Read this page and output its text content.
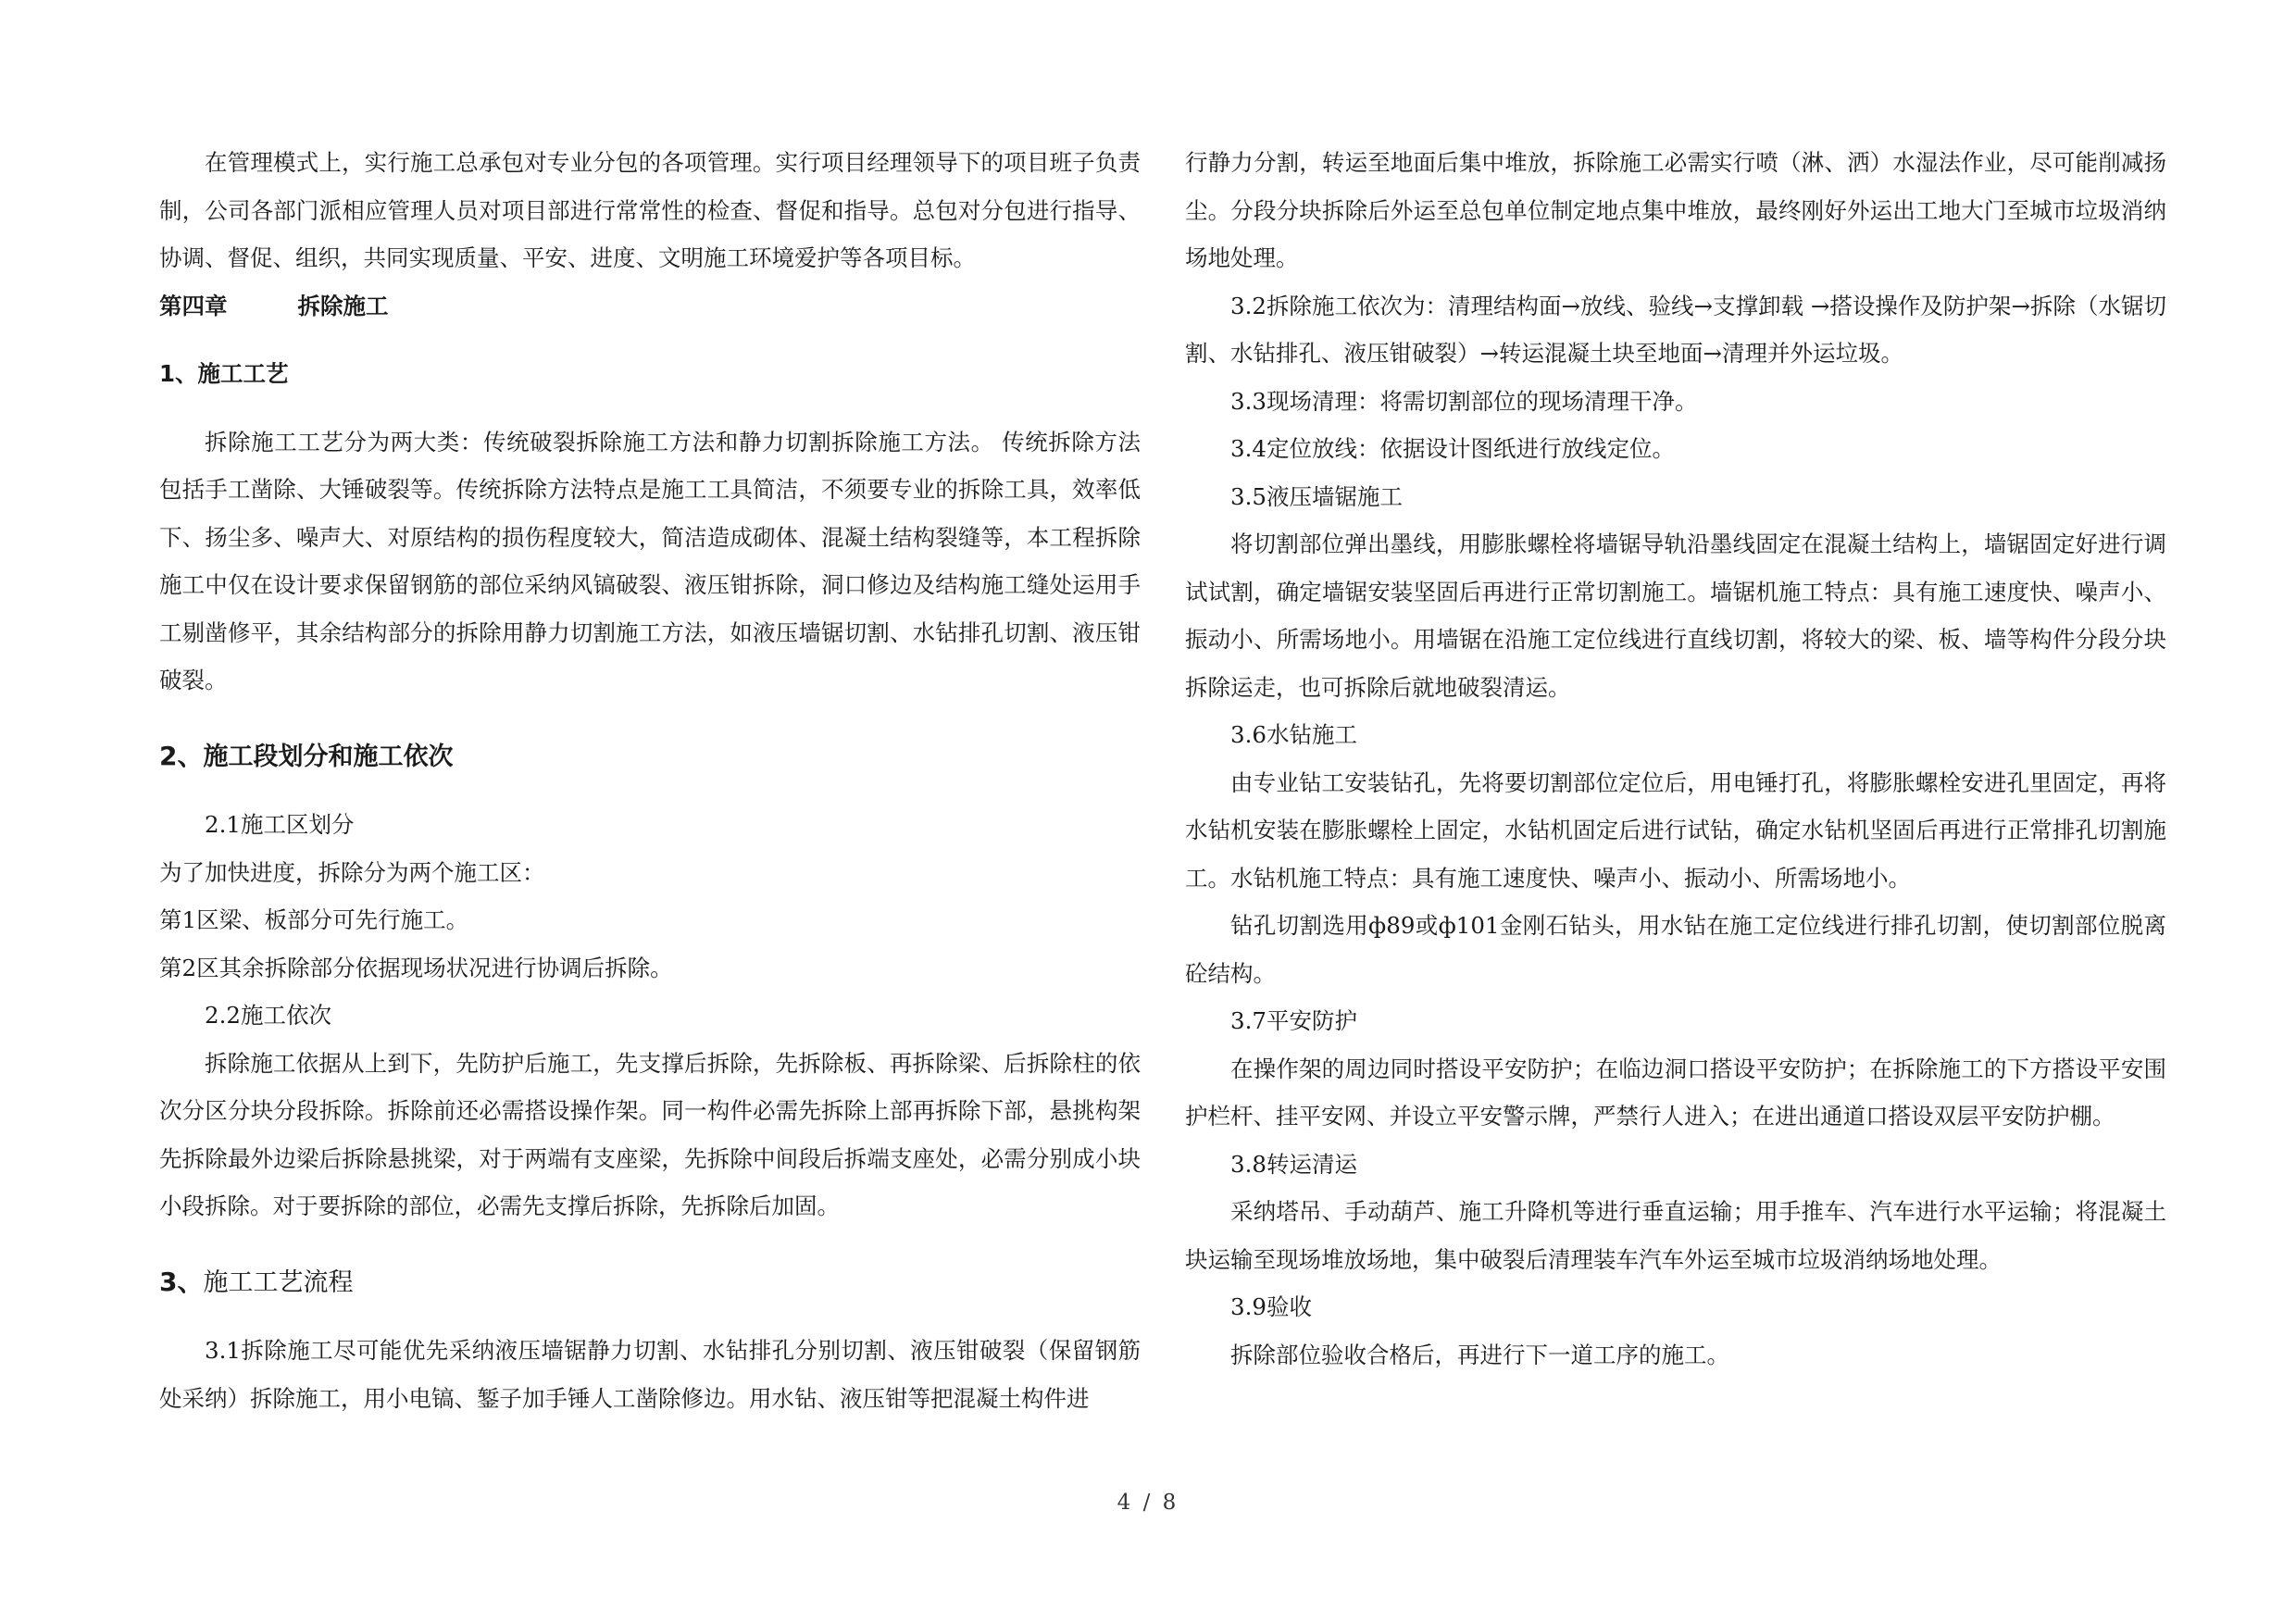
在管理模式上，实行施工总承包对专业分包的各项管理。实行项目经理领导下的项目班子负责制，公司各部门派相应管理人员对项目部进行常常性的检查、督促和指导。总包对分包进行指导、协调、督促、组织，共同实现质量、平安、进度、文明施工环境爱护等各项目标。

第四章	拆除施工
1、施工工艺

拆除施工工艺分为两大类：传统破裂拆除施工方法和静力切割拆除施工方法。 传统拆除方法包括手工凿除、大锤破裂等。传统拆除方法特点是施工工具简洁，不须要专业的拆除工具，效率低下、扬尘多、噪声大、对原结构的损伤程度较大，简洁造成砌体、混凝土结构裂缝等，本工程拆除施工中仅在设计要求保留钢筋的部位采纳风镐破裂、液压钳拆除，洞口修边及结构施工缝处运用手工剔凿修平，其余结构部分的拆除用静力切割施工方法，如液压墙锯切割、水钻排孔切割、液压钳破裂。

2、施工段划分和施工依次

2.1施工区划分

为了加快进度，拆除分为两个施工区：

第1区梁、板部分可先行施工。

第2区其余拆除部分依据现场状况进行协调后拆除。

2.2施工依次

拆除施工依据从上到下，先防护后施工，先支撑后拆除，先拆除板、再拆除梁、后拆除柱的依次分区分块分段拆除。拆除前还必需搭设操作架。同一构件必需先拆除上部再拆除下部，悬挑构架先拆除最外边梁后拆除悬挑梁，对于两端有支座梁，先拆除中间段后拆端支座处，必需分别成小块小段拆除。对于要拆除的部位，必需先支撑后拆除，先拆除后加固。

3、施工工艺流程

3.1拆除施工尽可能优先采纳液压墙锯静力切割、水钻排孔分别切割、液压钳破裂（保留钢筋处采纳）拆除施工，用小电镐、錾子加手锤人工凿除修边。用水钻、液压钳等把混凝土构件进

行静力分割，转运至地面后集中堆放，拆除施工必需实行喷（淋、洒）水湿法作业，尽可能削减扬尘。分段分块拆除后外运至总包单位制定地点集中堆放，最终刚好外运出工地大门至城市垃圾消纳场地处理。

3.2拆除施工依次为：清理结构面→放线、验线→支撑卸载 →搭设操作及防护架→拆除（水锯切割、水钻排孔、液压钳破裂）→转运混凝土块至地面→清理并外运垃圾。

3.3现场清理：将需切割部位的现场清理干净。

3.4定位放线：依据设计图纸进行放线定位。

3.5液压墙锯施工

将切割部位弹出墨线，用膨胀螺栓将墙锯导轨沿墨线固定在混凝土结构上，墙锯固定好进行调试试割，确定墙锯安装坚固后再进行正常切割施工。墙锯机施工特点：具有施工速度快、噪声小、振动小、所需场地小。用墙锯在沿施工定位线进行直线切割，将较大的梁、板、墙等构件分段分块拆除运走，也可拆除后就地破裂清运。

3.6水钻施工

由专业钻工安装钻孔，先将要切割部位定位后，用电锤打孔，将膨胀螺栓安进孔里固定，再将水钻机安装在膨胀螺栓上固定，水钻机固定后进行试钻，确定水钻机坚固后再进行正常排孔切割施工。水钻机施工特点：具有施工速度快、噪声小、振动小、所需场地小。

钻孔切割选用ф89或ф101金刚石钻头，用水钻在施工定位线进行排孔切割，使切割部位脱离砼结构。

3.7平安防护

在操作架的周边同时搭设平安防护；在临边洞口搭设平安防护；在拆除施工的下方搭设平安围护栏杆、挂平安网、并设立平安警示牌，严禁行人进入；在进出通道口搭设双层平安防护棚。

3.8转运清运

采纳塔吊、手动葫芦、施工升降机等进行垂直运输；用手推车、汽车进行水平运输；将混凝土块运输至现场堆放场地，集中破裂后清理装车汽车外运至城市垃圾消纳场地处理。

3.9验收

拆除部位验收合格后，再进行下一道工序的施工。

4 / 8
